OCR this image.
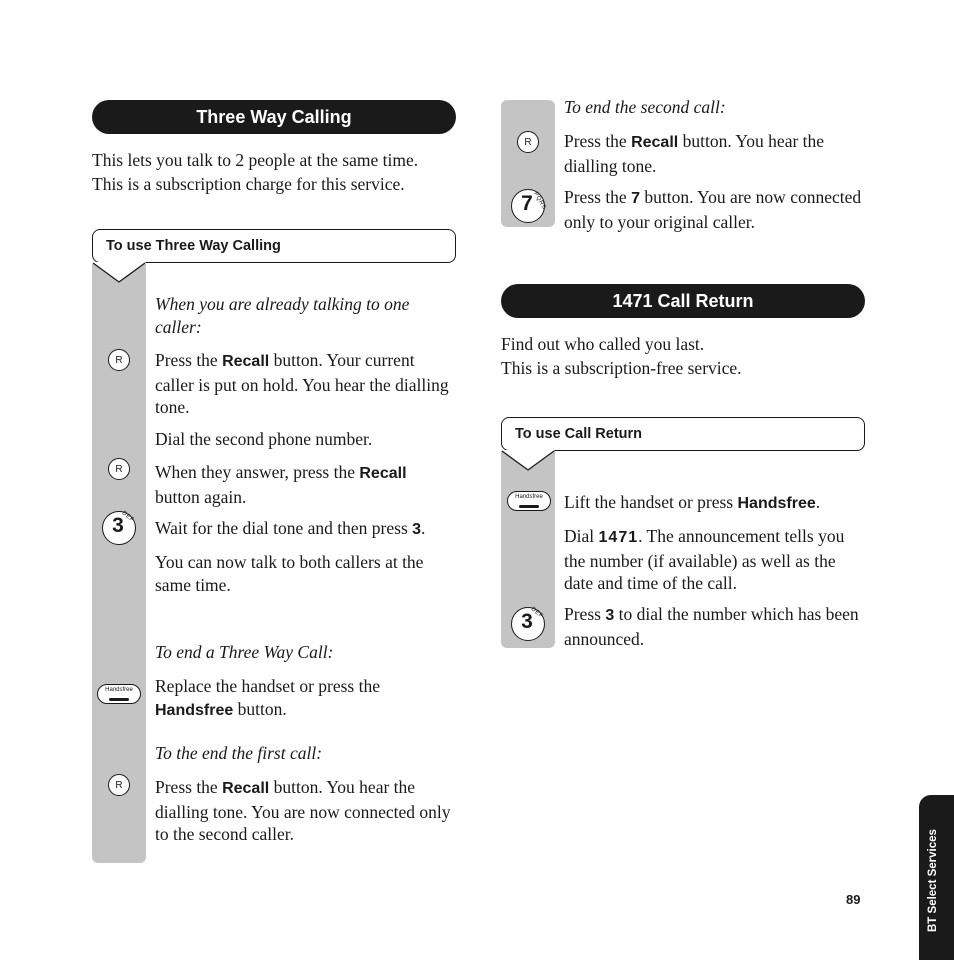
Three Way Calling

This lets you talk to 2 people at the same time.

This is a subscription charge for this service.

To use Three Way Calling
When you are already talking to one caller:
R Press the Recall button. Your current caller is put on hold. You hear the dialling tone.
Dial the second phone number.
R When they answer, press the Recall button again.
3
DEF
Wait for the dial tone and then press 3.
You can now talk to both callers at the same time.
To end a Three Way Call:
Handsfree	Replace the handset or press the Handsfree button.
To the end the first call:
R Press the Recall button. You hear the dialling tone. You are now connected only to the second caller.
To end the second call:
R Press the Recall button. You hear the dialling tone.
7 PQRS Press the 7 button. You are now connected only to your original caller.
1471 Call Return

Find out who called you last.

This is a subscription-free service.

To use Call Return
Handsfree	Lift the handset or press Handsfree.
Dial 1471. The announcement tells you the number (if available) as well as the date and time of the call.
3
DEF Press 3 to dial the number which has been announced.
89	BT Select Services
